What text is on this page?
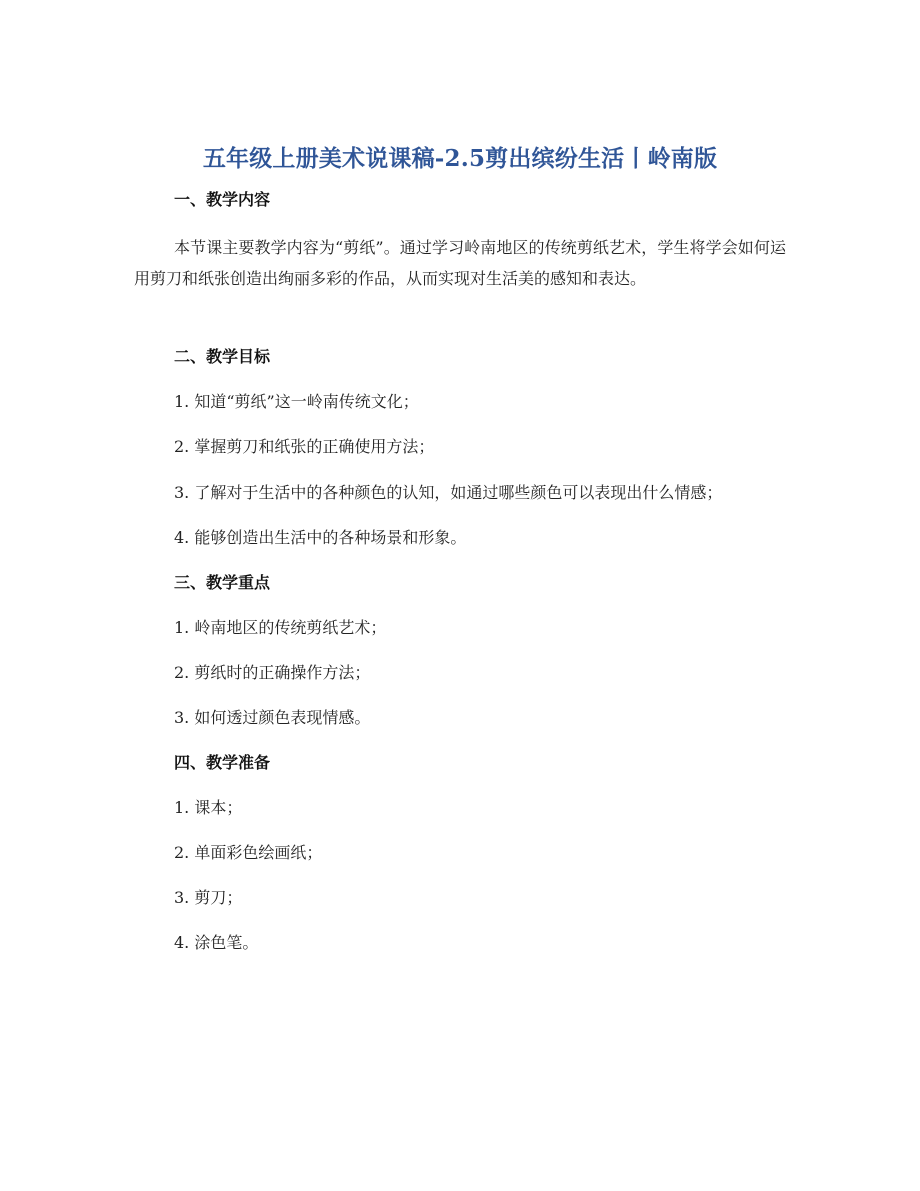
五年级上册美术说课稿-2.5剪出缤纷生活丨岭南版
一、教学内容
本节课主要教学内容为“剪纸”。通过学习岭南地区的传统剪纸艺术，学生将学会如何运用剪刀和纸张创造出绚丽多彩的作品，从而实现对生活美的感知和表达。
二、教学目标
1. 知道“剪纸”这一岭南传统文化；
2. 掌握剪刀和纸张的正确使用方法；
3. 了解对于生活中的各种颜色的认知，如通过哪些颜色可以表现出什么情感；
4. 能够创造出生活中的各种场景和形象。
三、教学重点
1. 岭南地区的传统剪纸艺术；
2. 剪纸时的正确操作方法；
3. 如何透过颜色表现情感。
四、教学准备
1. 课本；
2. 单面彩色绘画纸；
3. 剪刀；
4. 涂色笔。
